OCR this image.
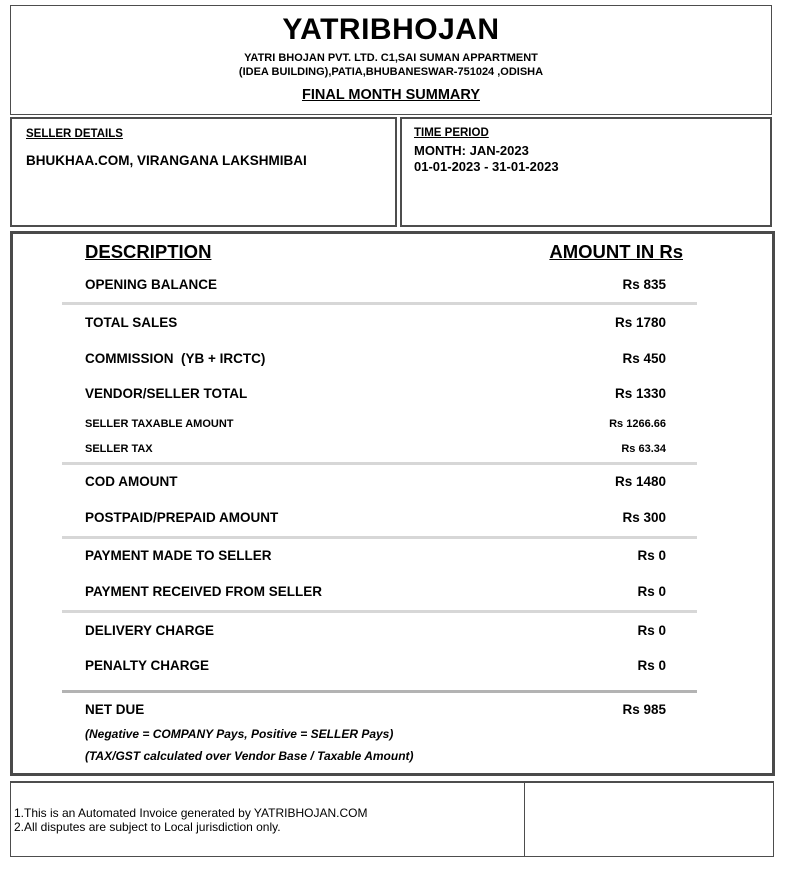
YATRIBHOJAN
YATRI BHOJAN PVT. LTD. C1,SAI SUMAN APPARTMENT
(IDEA BUILDING),PATIA,BHUBANESWAR-751024 ,ODISHA
FINAL MONTH SUMMARY
SELLER DETAILS
BHUKHAA.COM, VIRANGANA LAKSHMIBAI
TIME PERIOD
MONTH: JAN-2023
01-01-2023 - 31-01-2023
DESCRIPTION	AMOUNT IN Rs
OPENING BALANCE	Rs 835
TOTAL SALES	Rs 1780
COMMISSION  (YB + IRCTC)	Rs 450
VENDOR/SELLER TOTAL	Rs 1330
SELLER TAXABLE AMOUNT	Rs 1266.66
SELLER TAX	Rs 63.34
COD AMOUNT	Rs 1480
POSTPAID/PREPAID AMOUNT	Rs 300
PAYMENT MADE TO SELLER	Rs 0
PAYMENT RECEIVED FROM SELLER	Rs 0
DELIVERY CHARGE	Rs 0
PENALTY CHARGE	Rs 0
NET DUE	Rs 985
(Negative = COMPANY Pays, Positive = SELLER Pays)
(TAX/GST calculated over Vendor Base / Taxable Amount)
1.This is an Automated Invoice generated by YATRIBHOJAN.COM
2.All disputes are subject to Local jurisdiction only.
